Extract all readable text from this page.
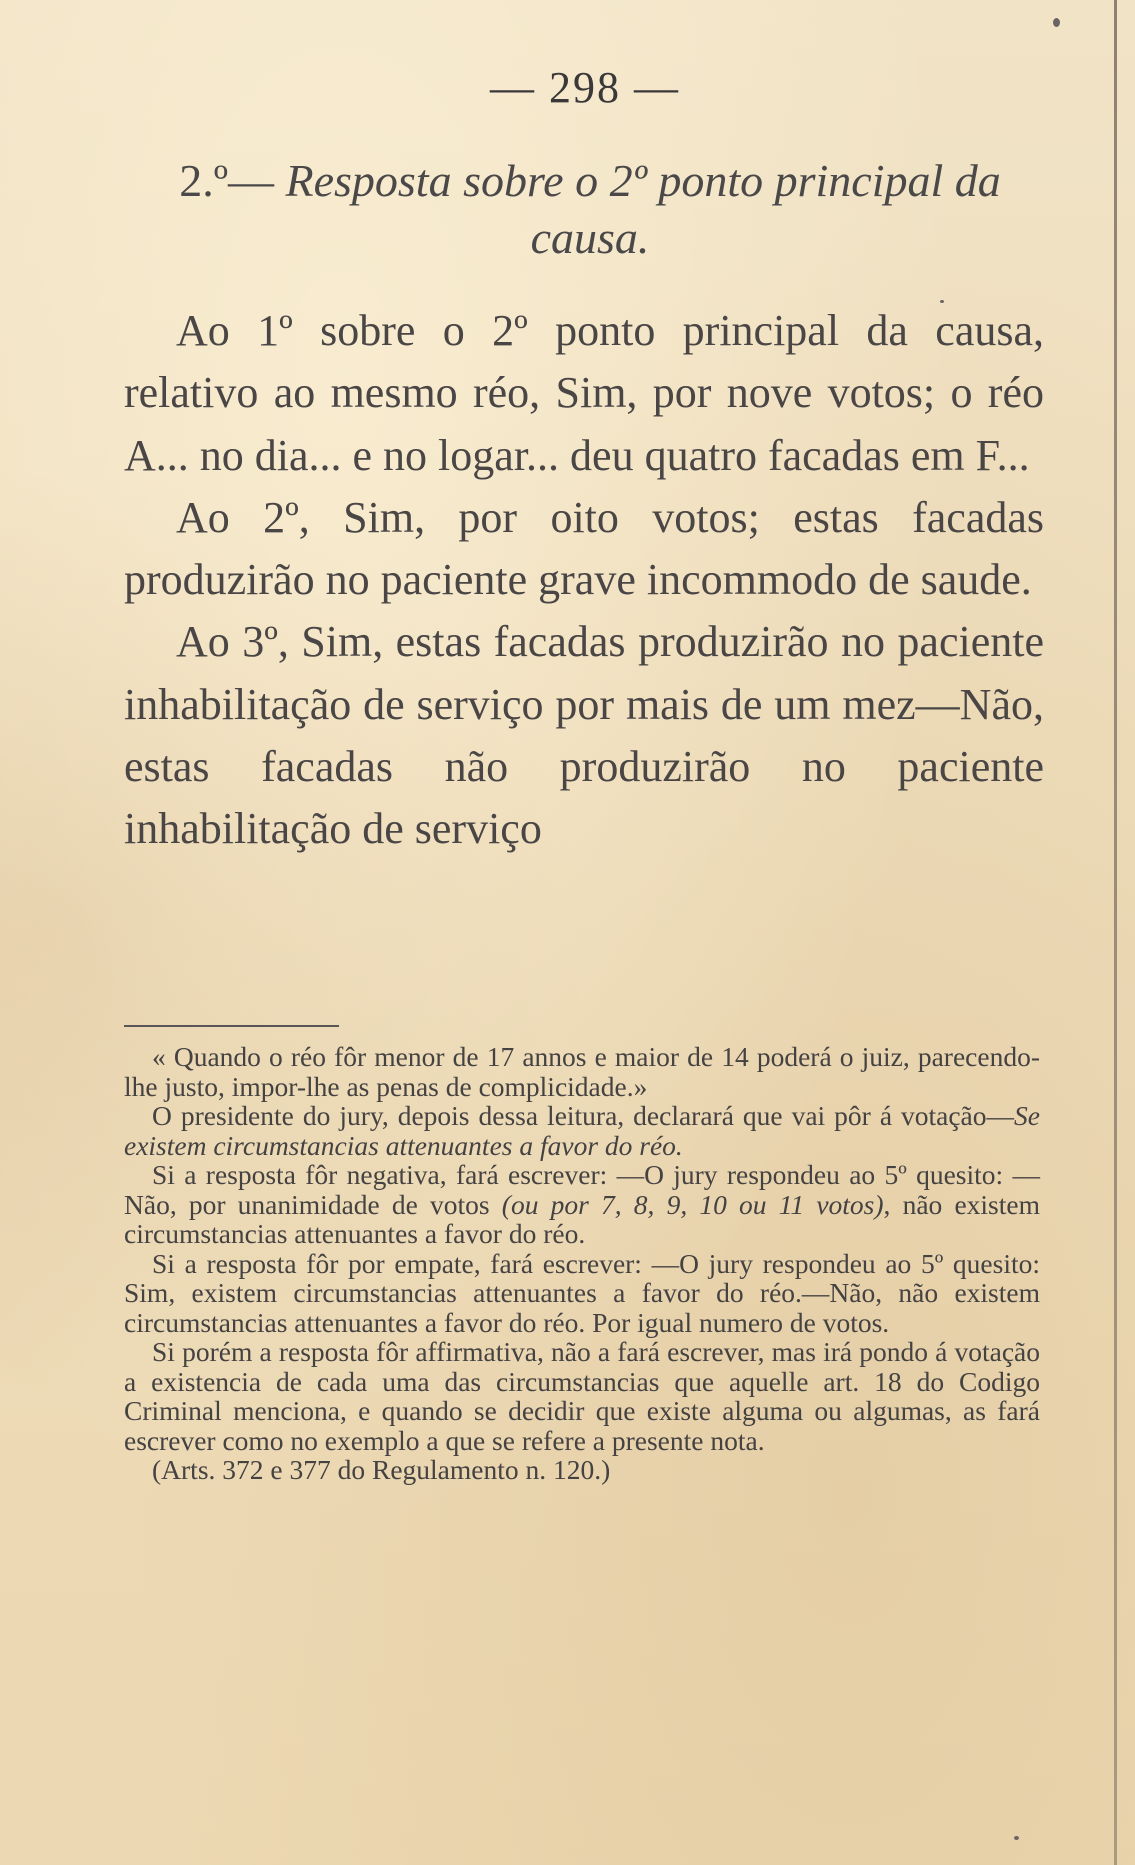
— 298 —
2.º— Resposta sobre o 2º ponto principal da causa.

Ao 1º sobre o 2º ponto principal da causa, relativo ao mesmo réo, Sim, por nove votos; o réo A... no dia... e no logar... deu quatro facadas em F...

Ao 2º, Sim, por oito votos; estas facadas produzirão no paciente grave incommodo de saude.

Ao 3º, Sim, estas facadas produzirão no paciente inhabilitação de serviço por mais de um mez—Não, estas facadas não produzirão no paciente inhabilitação de serviço

« Quando o réo fôr menor de 17 annos e maior de 14 poderá o juiz, parecendo-lhe justo, impor-lhe as penas de complicidade.»

O presidente do jury, depois dessa leitura, declarará que vai pôr á votação—Se existem circumstancias attenuantes a favor do réo.

Si a resposta fôr negativa, fará escrever: —O jury respondeu ao 5º quesito: —Não, por unanimidade de votos (ou por 7, 8, 9, 10 ou 11 votos), não existem circumstancias attenuantes a favor do réo.

Si a resposta fôr por empate, fará escrever: —O jury respondeu ao 5º quesito: Sim, existem circumstancias attenuantes a favor do réo.—Não, não existem circumstancias attenuantes a favor do réo. Por igual numero de votos.

Si porém a resposta fôr affirmativa, não a fará escrever, mas irá pondo á votação a existencia de cada uma das circumstancias que aquelle art. 18 do Codigo Criminal menciona, e quando se decidir que existe alguma ou algumas, as fará escrever como no exemplo a que se refere a presente nota.

(Arts. 372 e 377 do Regulamento n. 120.)
